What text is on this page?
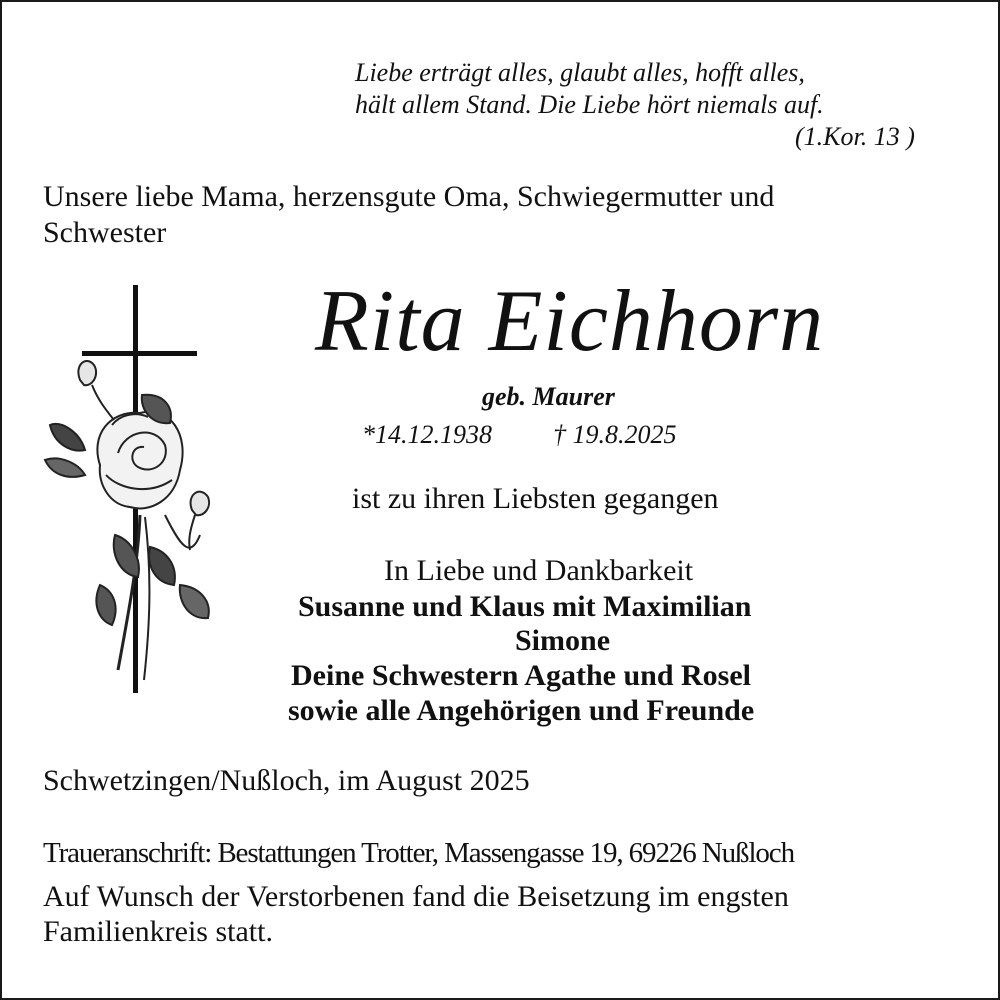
Liebe erträgt alles, glaubt alles, hofft alles,
hält allem Stand. Die Liebe hört niemals auf.
(1.Kor. 13 )
Unsere liebe Mama, herzensgute Oma, Schwiegermutter und
Schwester
Rita Eichhorn
geb. Maurer
*14.12.1938 † 19.8.2025
ist zu ihren Liebsten gegangen
In Liebe und Dankbarkeit
Susanne und Klaus mit Maximilian
Simone
Deine Schwestern Agathe und Rosel
sowie alle Angehörigen und Freunde
Schwetzingen/Nußloch, im August 2025
Traueranschrift: Bestattungen Trotter, Massengasse 19, 69226 Nußloch
Auf Wunsch der Verstorbenen fand die Beisetzung im engsten
Familienkreis statt.
